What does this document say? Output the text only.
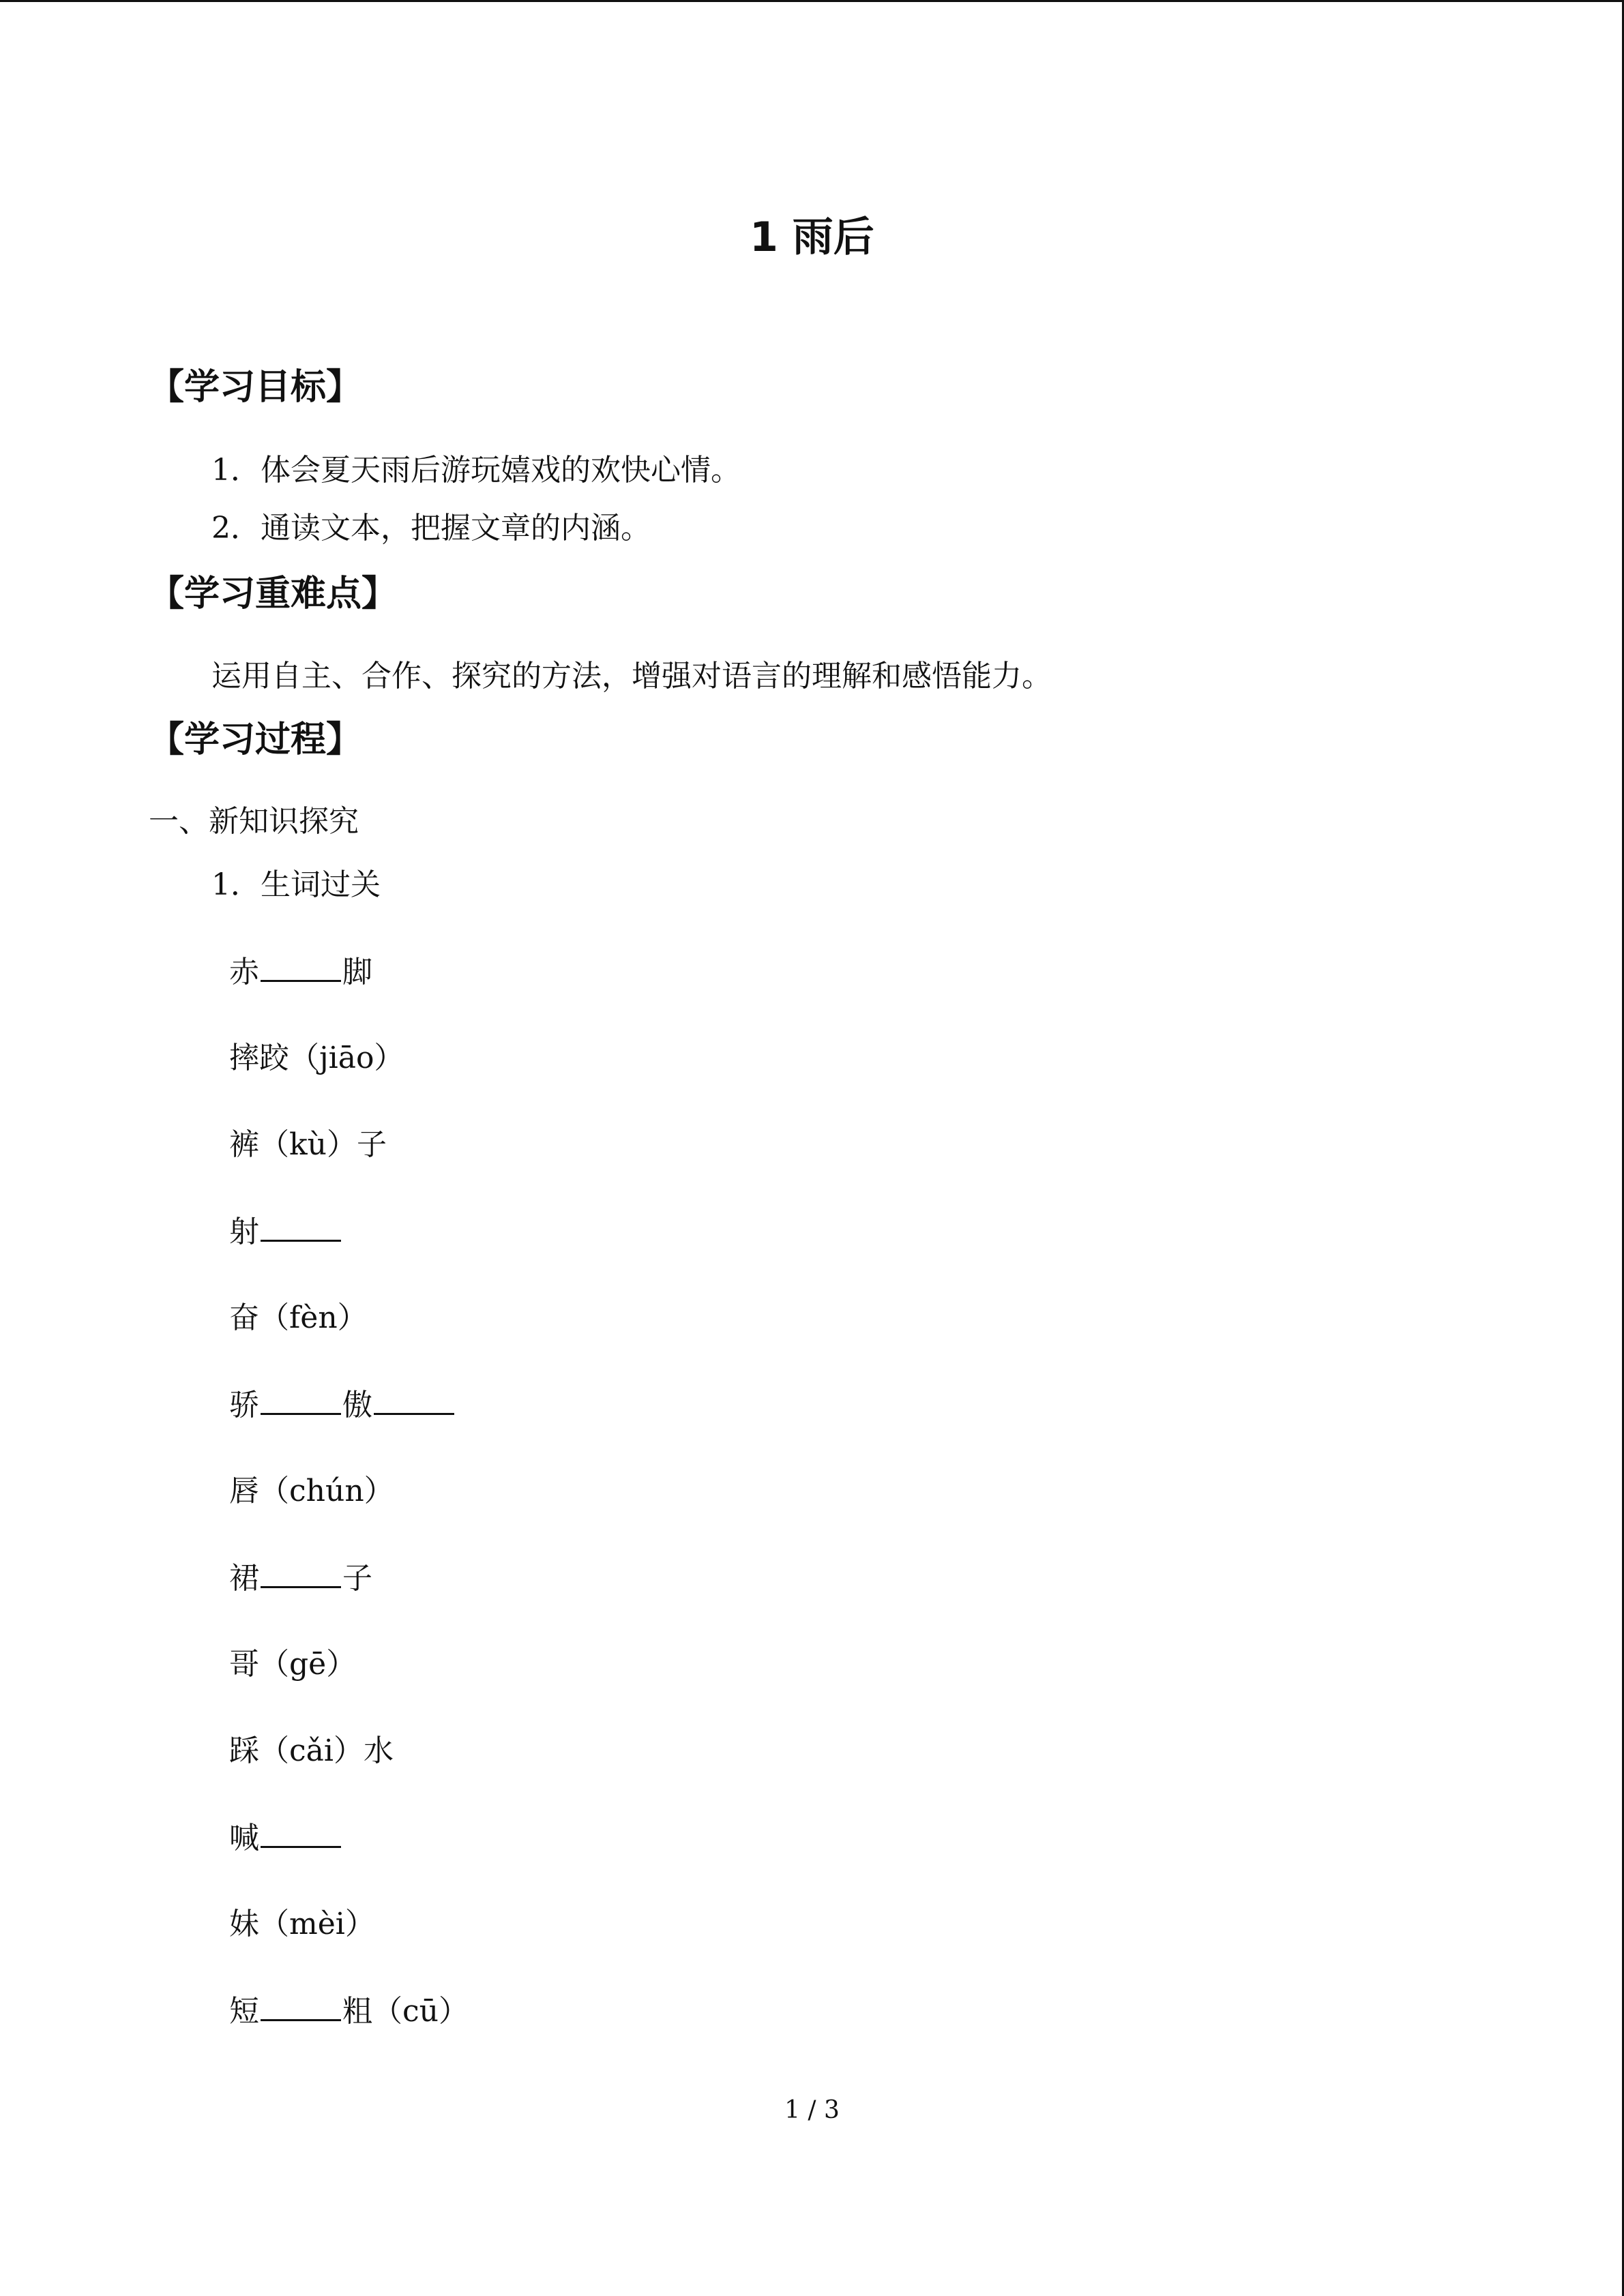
1 雨后
【学习目标】
1．体会夏天雨后游玩嬉戏的欢快心情。
2．通读文本，把握文章的内涵。
【学习重难点】
运用自主、合作、探究的方法，增强对语言的理解和感悟能力。
【学习过程】
一、新知识探究
1．生词过关
赤	脚
摔跤（jiāo）
裤（kù）子
射
奋（fèn）
骄	傲
唇（chún）
裙	子
哥（gē）
踩（cǎi）水
喊
妹（mèi）
短	粗（cū）
1 / 3
